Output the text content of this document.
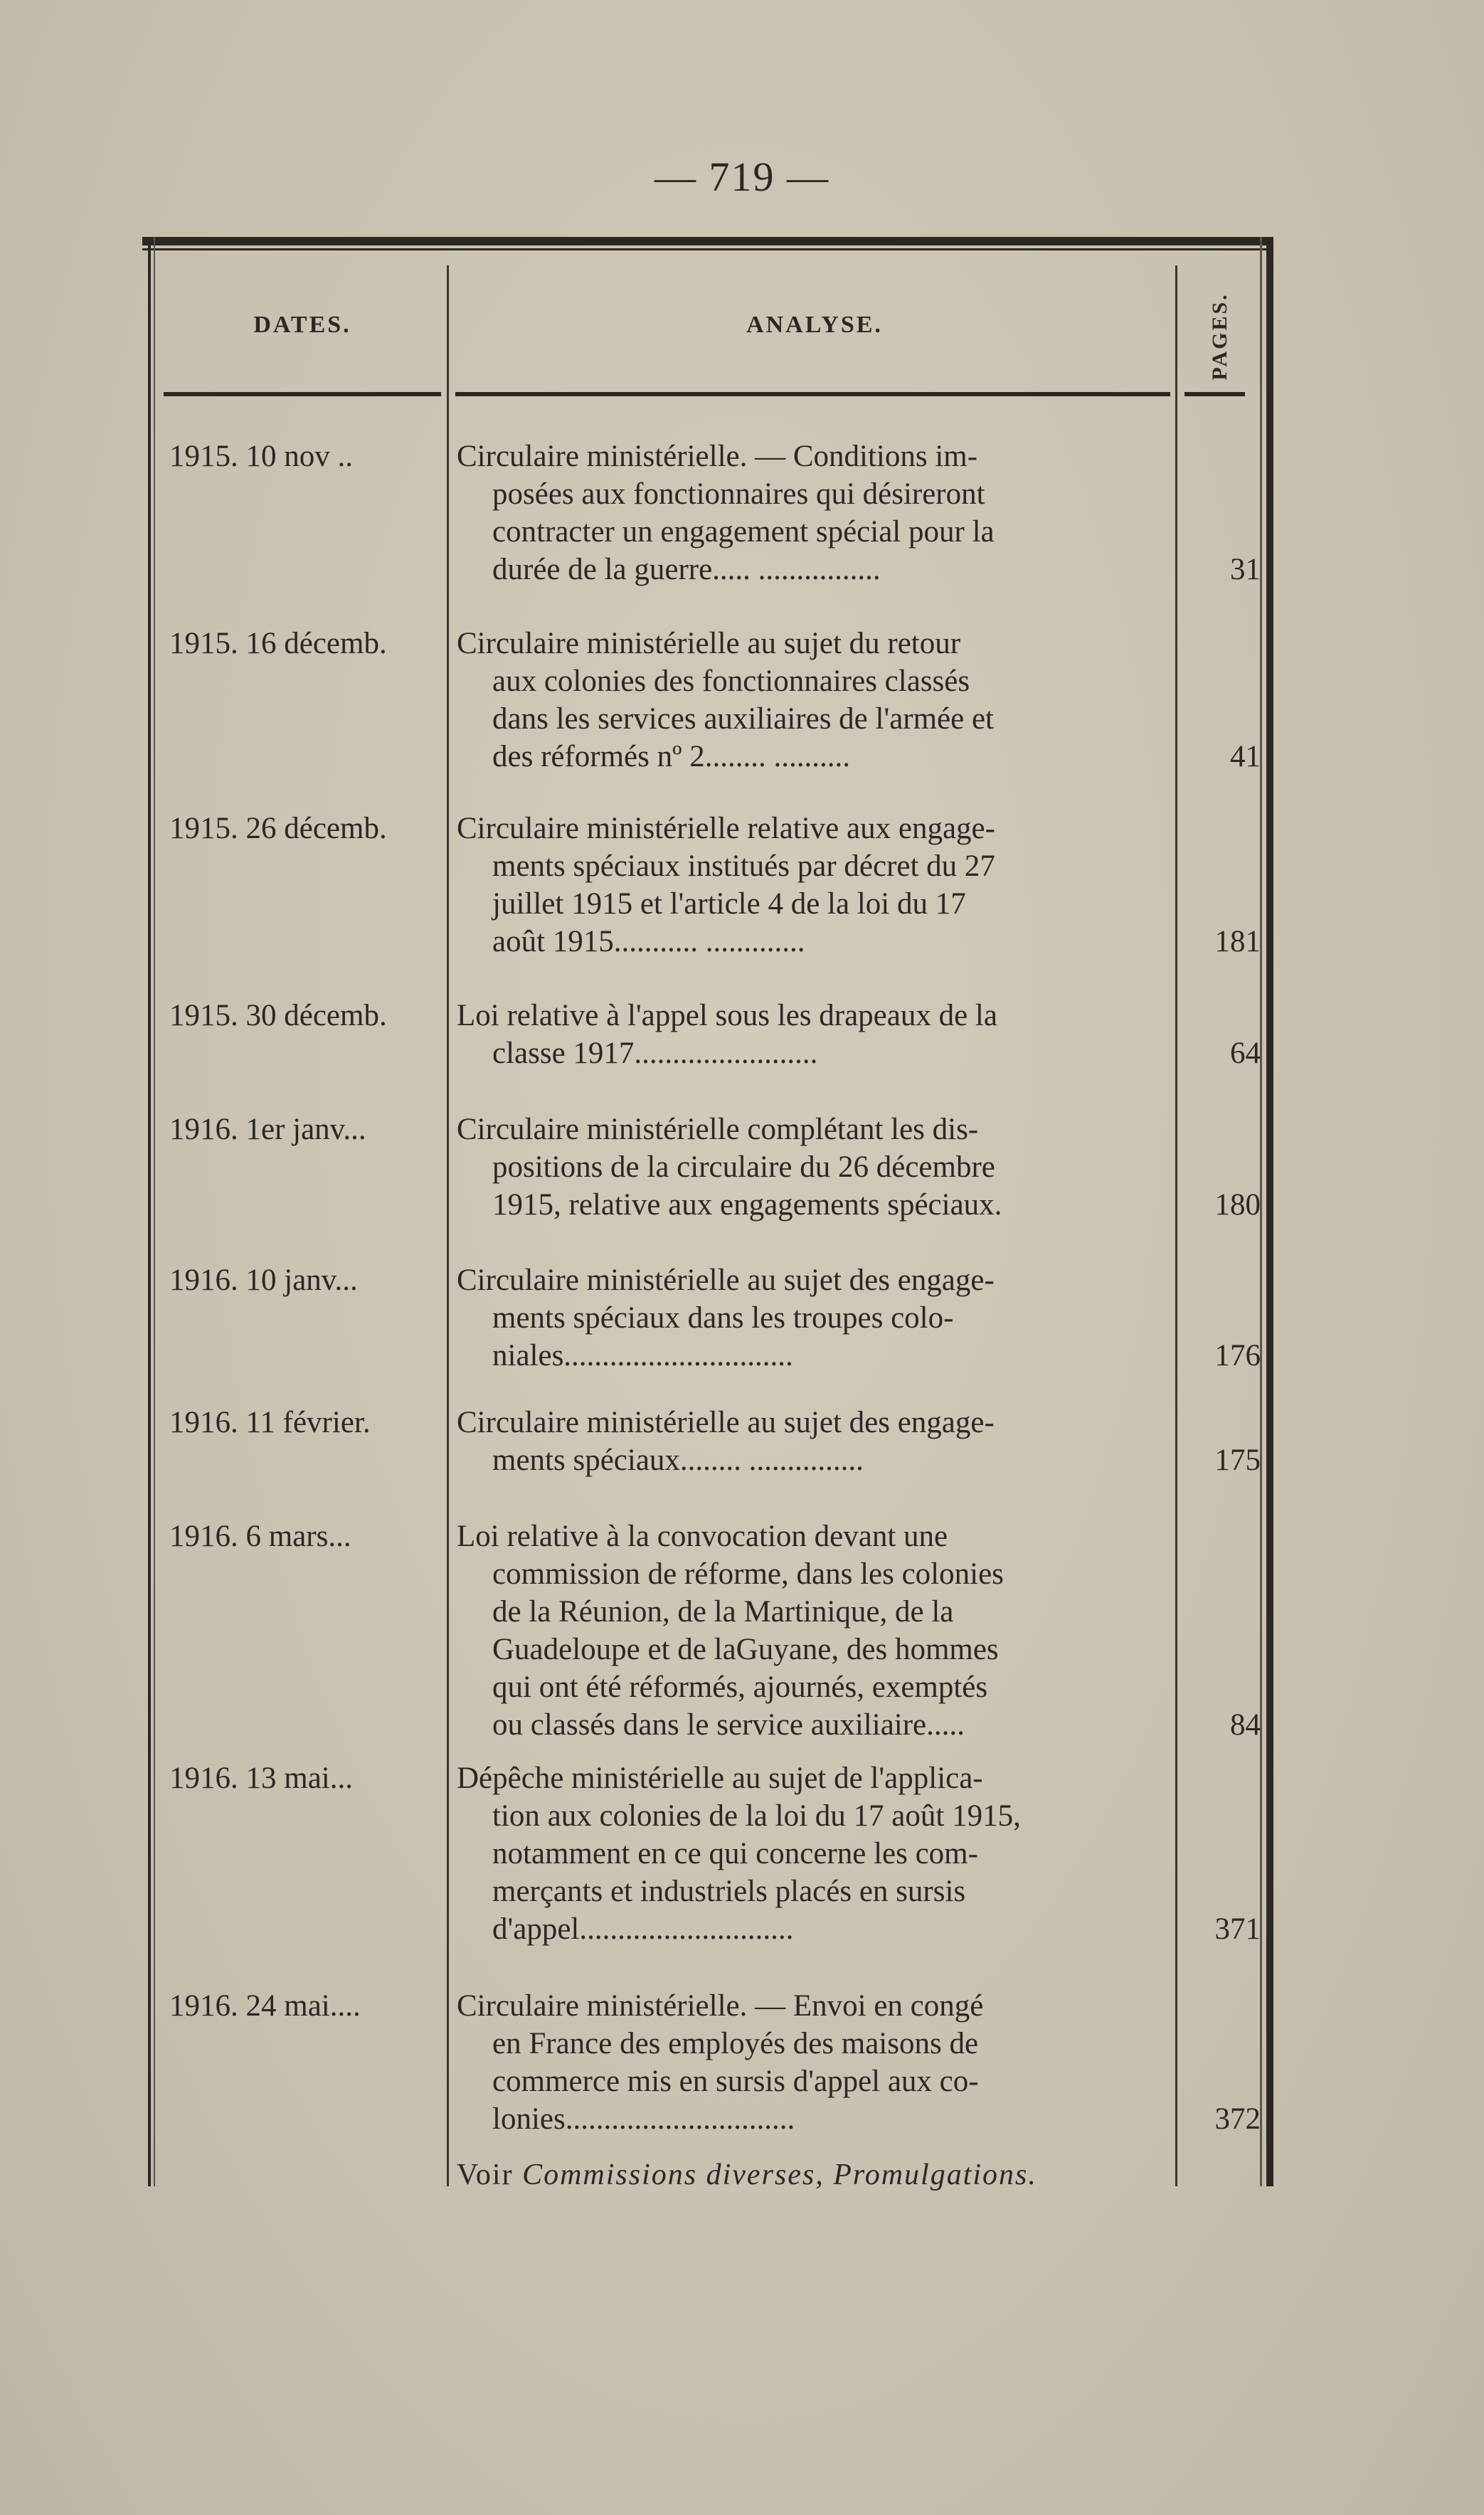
— 719 —
DATES.	ANALYSE.	PAGES.
1915. 10 nov ..	Circulaire ministérielle. — Conditions im-
posées aux fonctionnaires qui désireront
contracter un engagement spécial pour la
durée de la guerre..... ................	31
1915. 16 décemb.	Circulaire ministérielle au sujet du retour
aux colonies des fonctionnaires classés
dans les services auxiliaires de l'armée et
des réformés nº 2........ ..........	41
1915. 26 décemb.	Circulaire ministérielle relative aux engage-
ments spéciaux institués par décret du 27
juillet 1915 et l'article 4 de la loi du 17
août 1915........... .............	181
1915. 30 décemb.	Loi relative à l'appel sous les drapeaux de la
classe 1917........................	64
1916. 1er janv...	Circulaire ministérielle complétant les dis-
positions de la circulaire du 26 décembre
1915, relative aux engagements spéciaux.	180
1916. 10 janv...	Circulaire ministérielle au sujet des engage-
ments spéciaux dans les troupes colo-
niales..............................	176
1916. 11 février.	Circulaire ministérielle au sujet des engage-
ments spéciaux........ ...............	175
1916. 6 mars...	Loi relative à la convocation devant une
commission de réforme, dans les colonies
de la Réunion, de la Martinique, de la
Guadeloupe et de laGuyane, des hommes
qui ont été réformés, ajournés, exemptés
ou classés dans le service auxiliaire.....	84
1916. 13 mai...	Dépêche ministérielle au sujet de l'applica-
tion aux colonies de la loi du 17 août 1915,
notamment en ce qui concerne les com-
merçants et industriels placés en sursis
d'appel............................	371
1916. 24 mai....	Circulaire ministérielle. — Envoi en congé
en France des employés des maisons de
commerce mis en sursis d'appel aux co-
lonies..............................	372
Voir Commissions diverses, Promulgations.
